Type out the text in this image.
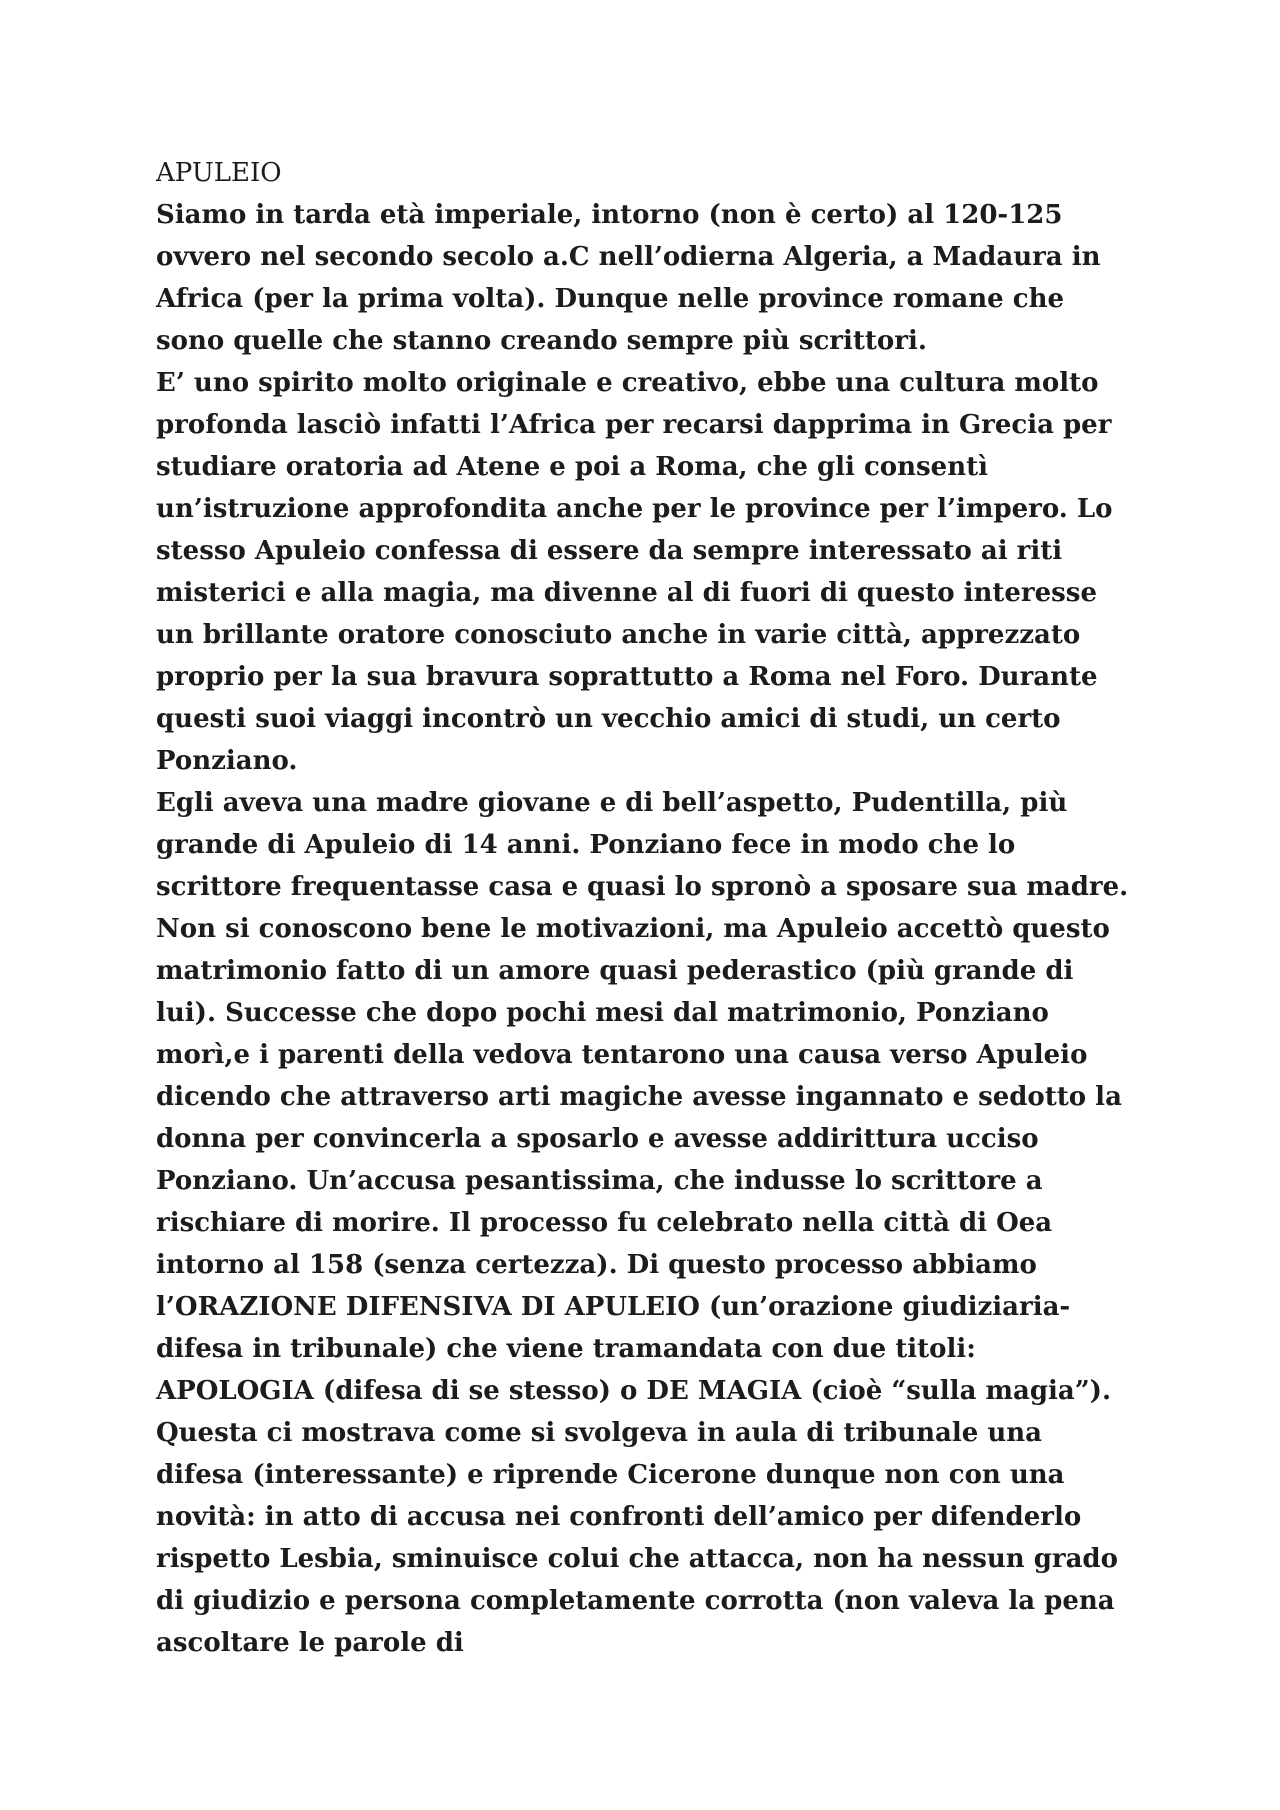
APULEIO

Siamo in tarda età imperiale, intorno (non è certo) al 120-125 ovvero nel secondo secolo a.C nell’odierna Algeria, a Madaura in Africa (per la prima volta). Dunque nelle province romane che sono quelle che stanno creando sempre più scrittori.

E’ uno spirito molto originale e creativo, ebbe una cultura molto profonda lasciò infatti l’Africa per recarsi dapprima in Grecia per studiare oratoria ad Atene e poi a Roma, che gli consentì un’istruzione approfondita anche per le province per l’impero. Lo stesso Apuleio confessa di essere da sempre interessato ai riti misterici e alla magia, ma divenne al di fuori di questo interesse un brillante oratore conosciuto anche in varie città, apprezzato proprio per la sua bravura soprattutto a Roma nel Foro. Durante questi suoi viaggi incontrò un vecchio amici di studi, un certo Ponziano.

Egli aveva una madre giovane e di bell’aspetto, Pudentilla, più grande di Apuleio di 14 anni. Ponziano fece in modo che lo scrittore frequentasse casa e quasi lo spronò a sposare sua madre. Non si conoscono bene le motivazioni, ma Apuleio accettò questo matrimonio fatto di un amore quasi pederastico (più grande di lui). Successe che dopo pochi mesi dal matrimonio, Ponziano morì,e i parenti della vedova tentarono una causa verso Apuleio dicendo che attraverso arti magiche avesse ingannato e sedotto la donna per convincerla a sposarlo e avesse addirittura ucciso Ponziano. Un’accusa pesantissima, che indusse lo scrittore a rischiare di morire. Il processo fu celebrato nella città di Oea intorno al 158 (senza certezza). Di questo processo abbiamo l’ORAZIONE DIFENSIVA DI APULEIO (un’orazione giudiziaria-difesa in tribunale) che viene tramandata con due titoli: APOLOGIA (difesa di se stesso) o DE MAGIA (cioè “sulla magia”).

Questa ci mostrava come si svolgeva in aula di tribunale una difesa (interessante) e riprende Cicerone dunque non con una novità: in atto di accusa nei confronti dell’amico per difenderlo rispetto Lesbia, sminuisce colui che attacca, non ha nessun grado di giudizio e persona completamente corrotta (non valeva la pena ascoltare le parole di
